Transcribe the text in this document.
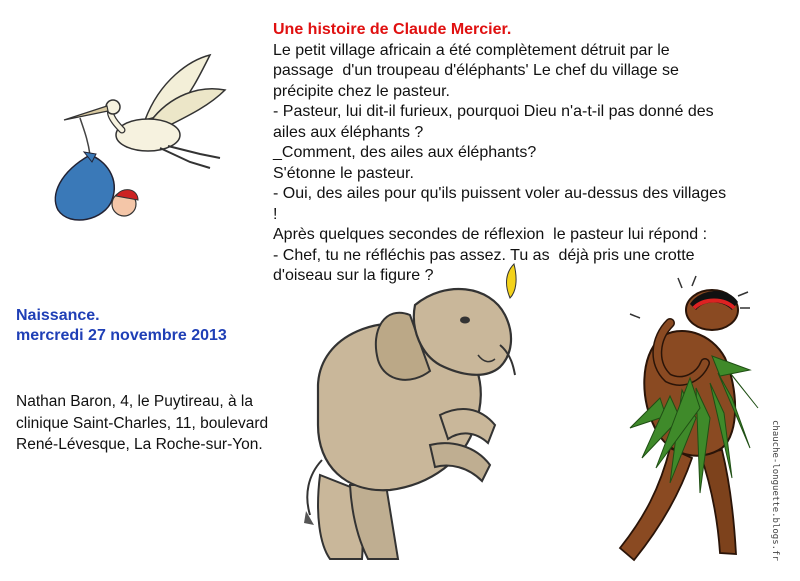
Une histoire de Claude Mercier.
Le petit village africain a été complètement détruit par le
passage  d'un troupeau d'éléphants' Le chef du village se
précipite chez le pasteur.
- Pasteur, lui dit-il furieux, pourquoi Dieu n'a-t-il pas donné des
ailes aux éléphants ?
_Comment, des ailes aux éléphants?
S'étonne le pasteur.
- Oui, des ailes pour qu'ils puissent voler au-dessus des villages
!
Après quelques secondes de réflexion  le pasteur lui répond :
- Chef, tu ne réfléchis pas assez. Tu as  déjà pris une crotte
d'oiseau sur la figure ?
Naissance.
mercredi 27 novembre 2013
Nathan Baron, 4, le Puytireau, à la clinique Saint-Charles, 11, boulevard René-Lévesque, La Roche-sur-Yon.	chauche-longuette.blogs.fr
